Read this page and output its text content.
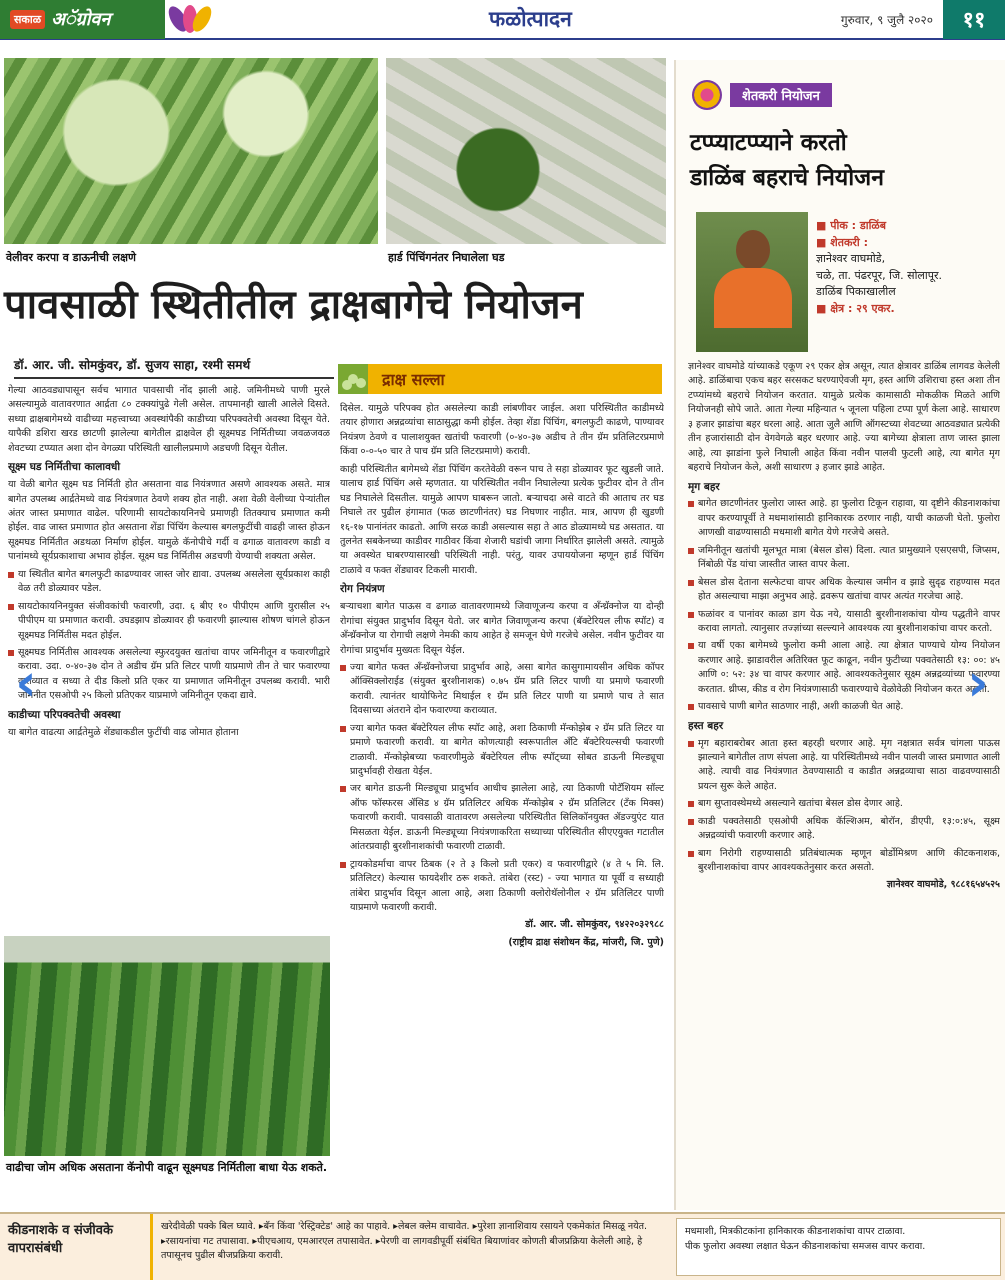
सकाळ अॅग्रोवन	फळोत्पादन	गुरुवार, ९ जुलै २०२०	११
वेलीवर करपा व डाऊनीची लक्षणे	हार्ड पिंचिंगनंतर निघालेला घड
पावसाळी स्थितीतील द्राक्षबागेचे नियोजन
डॉ. आर. जी. सोमकुंवर, डॉ. सुजय साहा, रश्मी समर्थ
द्राक्ष सल्ला

गेल्या आठवड्यापासून सर्वच भागात पावसाची नोंद झाली आहे. जमिनीमध्ये पाणी मुरले असल्यामुळे वातावरणात आर्द्रता ८० टक्क्यांपुढे गेली असेल. तापमानही खाली आलेले दिसते. सध्या द्राक्षबागेमध्ये वाढीच्या महत्त्वाच्या अवस्थांपैकी काडीच्या परिपक्वतेची अवस्था दिसून येते. यापैकी डशिरा खरड छाटणी झालेल्या बागेतील द्राक्षवेल ही सूक्ष्मघड निर्मितीच्या जवळजवळ शेवटच्या टप्प्यात अशा दोन वेगळ्या परिस्थिती खालीलप्रमाणे अडचणी दिसून येतील.

सूक्ष्म घड निर्मितीचा कालावधी

या वेळी बागेत सूक्ष्म घड निर्मिती होत असताना वाढ नियंत्रणात असणे आवश्यक असते. मात्र बागेत उपलब्ध आर्द्रतेमध्ये वाढ नियंत्रणात ठेवणे शक्य होत नाही. अशा वेळी वेलीच्या पेऱ्यांतील अंतर जास्त प्रमाणात वाढेल. परिणामी सायटोकायनिनचे प्रमाणही तितक्याच प्रमाणात कमी होईल. वाढ जास्त प्रमाणात होत असताना शेंडा पिंचिंग केल्यास बगलफुटींची वाढही जास्त होऊन सूक्ष्मघड निर्मितीत अडथळा निर्माण होईल. यामुळे कॅनोपीचे गर्दी व ढगाळ वातावरण काडी व पानांमध्ये सूर्यप्रकाशाचा अभाव होईल. सूक्ष्म घड निर्मितीस अडचणी येण्याची शक्यता असेल.

या स्थितीत बागेत बगलफुटी काढण्यावर जास्त जोर द्यावा. उपलब्ध असलेला सूर्यप्रकाश काही वेळ तरी डोळ्यावर पडेल.

सायटोकायनिनयुक्त संजीवकांची फवारणी, उदा. ६ बीए १० पीपीएम आणि युरासील २५ पीपीएम या प्रमाणात करावी. उघडझाप डोळ्यावर ही फवारणी झाल्यास शोषण चांगले होऊन सूक्ष्मघड निर्मितीस मदत होईल.

सूक्ष्मघड निर्मितीस आवश्यक असलेल्या स्फुरदयुक्त खतांचा वापर जमिनीतून व फवारणीद्वारे करावा. उदा. ०-४०-३७ दोन ते अडीच ग्रॅम प्रति लिटर पाणी याप्रमाणे तीन ते चार फवारण्या कराव्यात व सध्या ते दीड किलो प्रति एकर या प्रमाणात जमिनीतून उपलब्ध करावी. भारी जमिनीत एसओपी २५ किलो प्रतिएकर याप्रमाणे जमिनीतून एकदा द्यावे.

काडीच्या परिपक्वतेची अवस्था

या बागेत वाढत्या आर्द्रतेमुळे शेंड्याकडील फुटींची वाढ जोमात होताना

वाढीचा जोम अधिक असताना कॅनोपी वाढून सूक्ष्मघड निर्मितीला बाधा येऊ शकते.

दिसेल. यामुळे परिपक्व होत असलेल्या काडी लांबणीवर जाईल. अशा परिस्थितीत काडीमध्ये तयार होणारा अन्नद्रव्यांचा साठासुद्धा कमी होईल. तेव्हा शेंडा पिंचिंग, बगलफुटी काढणे, पाण्यावर नियंत्रण ठेवणे व पालाशयुक्त खतांची फवारणी (०-४०-३७ अडीच ते तीन ग्रॅम प्रतिलिटरप्रमाणे किंवा ०-०-५० चार ते पाच ग्रॅम प्रति लिटरप्रमाणे) करावी.

काही परिस्थितीत बागेमध्ये शेंडा पिंचिंग करतेवेळी वरून पाच ते सहा डोळ्यावर फूट खुडली जाते. यालाच हार्ड पिंचिंग असे म्हणतात. या परिस्थितीत नवीन निघालेल्या प्रत्येक फुटीवर दोन ते तीन घड निघालेले दिसतील. यामुळे आपण घाबरून जातो. बऱ्याचदा असे वाटते की आताच तर घड निघाले तर पुढील हंगामात (फळ छाटणीनंतर) घड निघणार नाहीत. मात्र, आपण ही खुडणी १६-१७ पानांनंतर काढतो. आणि सरळ काडी असल्यास सहा ते आठ डोळ्यामध्ये घड असतात. या तुलनेत सबकेनच्या काडीवर गाठीवर किंवा शेजारी घडांची जागा निर्धारित झालेली असते. त्यामुळे या अवस्थेत घाबरण्यासारखी परिस्थिती नाही. परंतु, यावर उपाययोजना म्हणून हार्ड पिंचिंग टाळावे व फक्त शेंड्यावर टिकली मारावी.

रोग नियंत्रण

बऱ्याचशा बागेत पाऊस व ढगाळ वातावरणामध्ये जिवाणूजन्य करपा व अँन्थ्रॅक्नोज या दोन्ही रोगांचा संयुक्त प्रादुर्भाव दिसून येतो. जर बागेत जिवाणूजन्य करपा (बॅक्टेरियल लीफ स्पॉट) व अँन्थ्रॅक्नोज या रोगाची लक्षणे नेमकी काय आहेत हे समजून घेणे गरजेचे असेल. नवीन फुटीवर या रोगांचा प्रादुर्भाव मुख्यतः दिसून येईल.

ज्या बागेत फक्त अँन्थ्रॅक्नोजचा प्रादुर्भाव आहे, असा बागेत कासुगामायसीन अधिक कॉपर ऑक्सिक्लोराईड (संयुक्त बुरशीनाशक) ०.७५ ग्रॅम प्रति लिटर पाणी या प्रमाणे फवारणी करावी. त्यानंतर थायोफिनेट मिथाईल १ ग्रॅम प्रति लिटर पाणी या प्रमाणे पाच ते सात दिवसाच्या अंतराने दोन फवारण्या कराव्यात.

ज्या बागेत फक्त बॅक्टेरियल लीफ स्पॉट आहे, अशा ठिकाणी मॅन्कोझेब २ ग्रॅम प्रति लिटर या प्रमाणे फवारणी करावी. या बागेत कोणत्याही स्वरूपातील अँटि बॅक्टेरियल्सची फवारणी टाळावी. मॅन्कोझेबच्या फवारणीमुळे बॅक्टेरियल लीफ स्पॉट्च्या सोबत डाऊनी मिल्ड्यूचा प्रादुर्भावही रोखता येईल.

जर बागेत डाऊनी मिल्ड्यूचा प्रादुर्भाव आधीच झालेला आहे, त्या ठिकाणी पोटॅशियम सॉल्ट ऑफ फॉस्फरस ॲसिड ४ ग्रॅम प्रतिलिटर अधिक मॅन्कोझेब २ ग्रॅम प्रतिलिटर (टँक मिक्स) फवारणी करावी. पावसाळी वातावरण असलेल्या परिस्थितीत सिलिकॉनयुक्त ॲडज्युएंट यात मिसळता येईल. डाऊनी मिल्ड्यूच्या नियंत्रणाकरिता सध्याच्या परिस्थितीत सीएएयुक्त गटातील आंतरप्रवाही बुरशीनाशकांची फवारणी टाळावी.

ट्रायकोडर्माचा वापर ठिबक (२ ते ३ किलो प्रती एकर) व फवारणीद्वारे (४ ते ५ मि. लि. प्रतिलिटर) केल्यास फायदेशीर ठरू शकते. तांबेरा (रस्ट) - ज्या भागात या पूर्वी व सध्याही तांबेरा प्रादुर्भाव दिसून आला आहे, अशा ठिकाणी क्लोरोथॅलोनील २ ग्रॅम प्रतिलिटर पाणी याप्रमाणे फवारणी करावी.

डॉ. आर. जी. सोमकुंवर, ९४२२०३२९८८

(राष्ट्रीय द्राक्ष संशोधन केंद्र, मांजरी, जि. पुणे)

‹
शेतकरी नियोजन
टप्प्याटप्प्याने करतो
डाळिंब बहराचे नियोजन
■ पीक : डाळिंब
■ शेतकरी :
ज्ञानेश्वर वाघमोडे,
चळे, ता. पंढरपूर, जि. सोलापूर.
डाळिंब पिकाखालील
■ क्षेत्र : २९ एकर.

ज्ञानेश्वर वाघमोडे यांच्याकडे एकूण २९ एकर क्षेत्र असून, त्यात क्षेत्रावर डाळिंब लागवड केलेली आहे. डाळिंबाचा एकच बहर सरसकट घरण्याऐवजी मृग, हस्त आणि उशिराचा हस्त अशा तीन टप्प्यांमध्ये बहराचे नियोजन करतात. यामुळे प्रत्येक कामासाठी मोकळीक मिळते आणि नियोजनही सोपे जाते. आता गेल्या महिन्यात ५ जूनला पहिला टप्पा पूर्ण केला आहे. साधारण ३ हजार झाडांचा बहर धरला आहे. आता जुलै आणि ऑगस्टच्या शेवटच्या आठवड्यात प्रत्येकी तीन हजारांसाठी दोन वेगवेगळे बहर धरणार आहे. ज्या बागेच्या क्षेत्राला ताण जास्त झाला आहे, त्या झाडांना फुले निघाली आहेत किंवा नवीन पालवी फुटली आहे, त्या बागेत मृग बहराचे नियोजन केले, अशी साधारण ३ हजार झाडे आहेत.

मृग बहर

बागेत छाटणीनंतर फुलोरा जास्त आहे. हा फुलोरा टिकून राहावा, या दृष्टीने कीडनाशकांचा वापर करण्यापूर्वी ते मधमाशांसाठी हानिकारक ठरणार नाही, याची काळजी घेतो. फुलोरा आणखी वाढण्यासाठी मधमाशी बागेत येणे गरजेचे असते.

जमिनीतून खतांची मूलभूत मात्रा (बेसल डोस) दिला. त्यात प्रामुख्याने एसएसपी, जिप्सम, निंबोळी पेंड यांचा जास्तीत जास्त वापर केला.

बेसल डोस देताना सल्फेटचा वापर अधिक केल्यास जमीन व झाडे सुदृढ राहण्यास मदत होत असल्याचा माझा अनुभव आहे. द्रवरूप खतांचा वापर अत्यंत गरजेचा आहे.

फळांवर व पानांवर काळा डाग येऊ नये, यासाठी बुरशीनाशकांचा योग्य पद्धतीने वापर करावा लागतो. त्यानुसार तज्ज्ञांच्या सल्ल्याने आवश्यक त्या बुरशीनाशकांचा वापर करतो.

या वर्षी एका बागेमध्ये फुलोरा कमी आला आहे. त्या क्षेत्रात पाण्याचे योग्य नियोजन करणार आहे. झाडावरील अतिरिक्त फूट काढून, नवीन फुटीच्या पक्वतेसाठी १३: ००: ४५ आणि ०: ५२: ३४ चा वापर करणार आहे. आवश्यकतेनुसार सूक्ष्म अन्नद्रव्यांच्या फवारण्या करतात. थ्रीप्स, कीड व रोग नियंत्रणासाठी फवारण्याचे वेळोवेळी नियोजन करत असतो.

पावसाचे पाणी बागेत साठणार नाही, अशी काळजी घेत आहे.

हस्त बहर

मृग बहाराबरोबर आता हस्त बहरही धरणार आहे. मृग नक्षत्रात सर्वत्र चांगला पाऊस झाल्याने बागेतील ताण संपला आहे. या परिस्थितीमध्ये नवीन पालवी जास्त प्रमाणात आली आहे. त्याची वाढ नियंत्रणात ठेवण्यासाठी व काडीत अन्नद्रव्याचा साठा वाढवण्यासाठी प्रयत्न सुरू केले आहेत.

बाग सुप्तावस्थेमध्ये असल्याने खतांचा बेसल डोस देणार आहे.

काडी पक्वतेसाठी एसओपी अधिक कॅल्शिअम, बोरॉन, डीएपी, १३:०:४५, सूक्ष्म अन्नद्रव्यांची फवारणी करणार आहे.

बाग निरोगी राहण्यासाठी प्रतिबंधात्मक म्हणून बोर्डोमिश्रण आणि कीटकनाशक, बुरशीनाशकांचा वापर आवश्यकतेनुसार करत असतो.

ज्ञानेश्वर वाघमोडे, ९८८१६५४५२५

›
कीडनाशके व संजीवके वापरासंबंधी
खरेदीवेळी पक्के बिल घ्यावे. ▸बॅन किंवा 'रेस्ट्रिक्टेड' आहे का पाहावे. ▸लेबल क्लेम वाचावेत. ▸पुरेशा ज्ञानाशिवाय रसायने एकमेकांत मिसळू नयेत. ▸रसायनांचा गट तपासावा. ▸पीएचआय, एमआरएल तपासावेत. ▸पेरणी वा लागवडीपूर्वी संबंधित बियाणांवर कोणती बीजप्रक्रिया केलेली आहे, हे तपासूनच पुढील बीजप्रक्रिया करावी.
मधमाशी, मित्रकीटकांना हानिकारक कीडनाशकांचा वापर टाळावा.
पीक फुलोरा अवस्था लक्षात घेऊन कीडनाशकांचा समजस वापर करावा.
